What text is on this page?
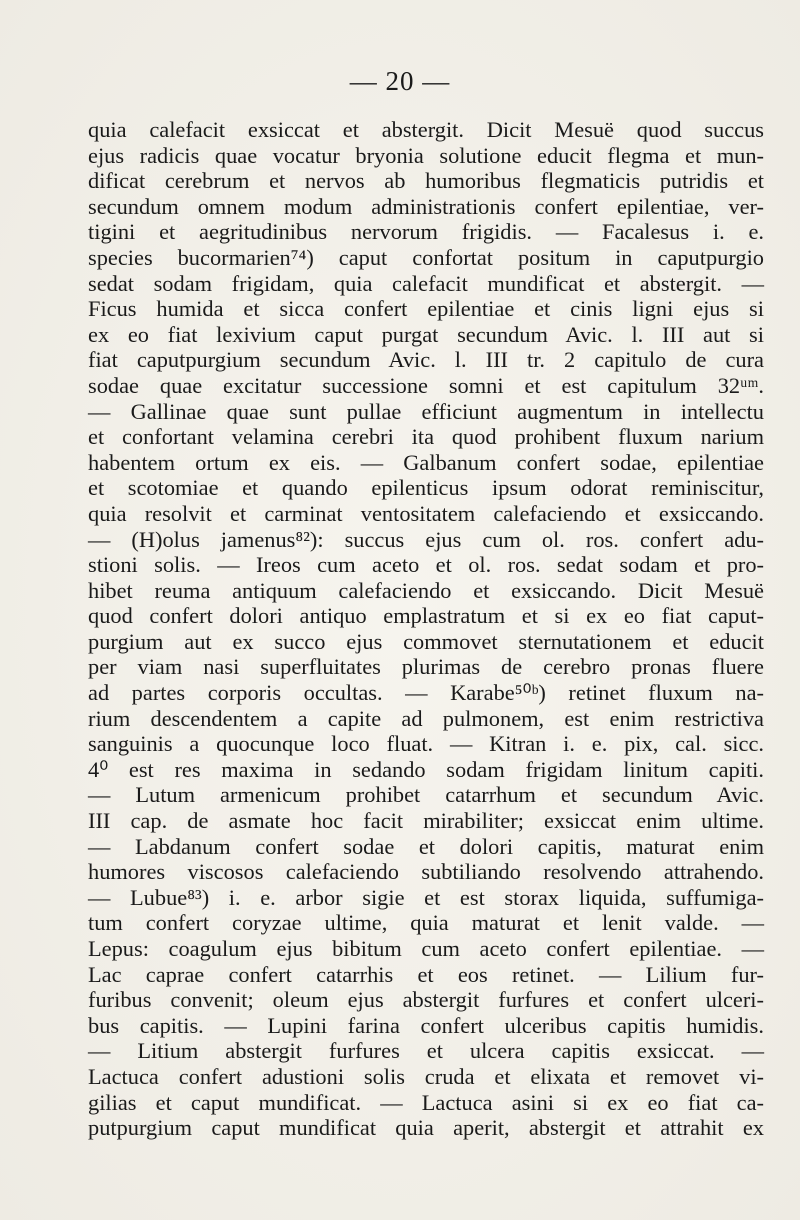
— 20 —
quia calefacit exsiccat et abstergit. Dicit Mesuë quod succus
ejus radicis quae vocatur bryonia solutione educit flegma et mun-
dificat cerebrum et nervos ab humoribus flegmaticis putridis et
secundum omnem modum administrationis confert epilentiae, ver-
tigini et aegritudinibus nervorum frigidis. — Facalesus i. e.
species bucormarien⁷⁴) caput confortat positum in caputpurgio
sedat sodam frigidam, quia calefacit mundificat et abstergit. —
Ficus humida et sicca confert epilentiae et cinis ligni ejus si
ex eo fiat lexivium caput purgat secundum Avic. l. III aut si
fiat caputpurgium secundum Avic. l. III tr. 2 capitulo de cura
sodae quae excitatur successione somni et est capitulum 32ᵘᵐ.
— Gallinae quae sunt pullae efficiunt augmentum in intellectu
et confortant velamina cerebri ita quod prohibent fluxum narium
habentem ortum ex eis. — Galbanum confert sodae, epilentiae
et scotomiae et quando epilenticus ipsum odorat reminiscitur,
quia resolvit et carminat ventositatem calefaciendo et exsiccando.
— (H)olus jamenus⁸²): succus ejus cum ol. ros. confert adu-
stioni solis. — Ireos cum aceto et ol. ros. sedat sodam et pro-
hibet reuma antiquum calefaciendo et exsiccando. Dicit Mesuë
quod confert dolori antiquo emplastratum et si ex eo fiat caput-
purgium aut ex succo ejus commovet sternutationem et educit
per viam nasi superfluitates plurimas de cerebro pronas fluere
ad partes corporis occultas. — Karabe⁵⁰ᵇ) retinet fluxum na-
rium descendentem a capite ad pulmonem, est enim restrictiva
sanguinis a quocunque loco fluat. — Kitran i. e. pix, cal. sicc.
4⁰ est res maxima in sedando sodam frigidam linitum capiti.
— Lutum armenicum prohibet catarrhum et secundum Avic.
III cap. de asmate hoc facit mirabiliter; exsiccat enim ultime.
— Labdanum confert sodae et dolori capitis, maturat enim
humores viscosos calefaciendo subtiliando resolvendo attrahendo.
— Lubue⁸³) i. e. arbor sigie et est storax liquida, suffumiga-
tum confert coryzae ultime, quia maturat et lenit valde. —
Lepus: coagulum ejus bibitum cum aceto confert epilentiae. —
Lac caprae confert catarrhis et eos retinet. — Lilium fur-
furibus convenit; oleum ejus abstergit furfures et confert ulceri-
bus capitis. — Lupini farina confert ulceribus capitis humidis.
— Litium abstergit furfures et ulcera capitis exsiccat. —
Lactuca confert adustioni solis cruda et elixata et removet vi-
gilias et caput mundificat. — Lactuca asini si ex eo fiat ca-
putpurgium caput mundificat quia aperit, abstergit et attrahit ex
